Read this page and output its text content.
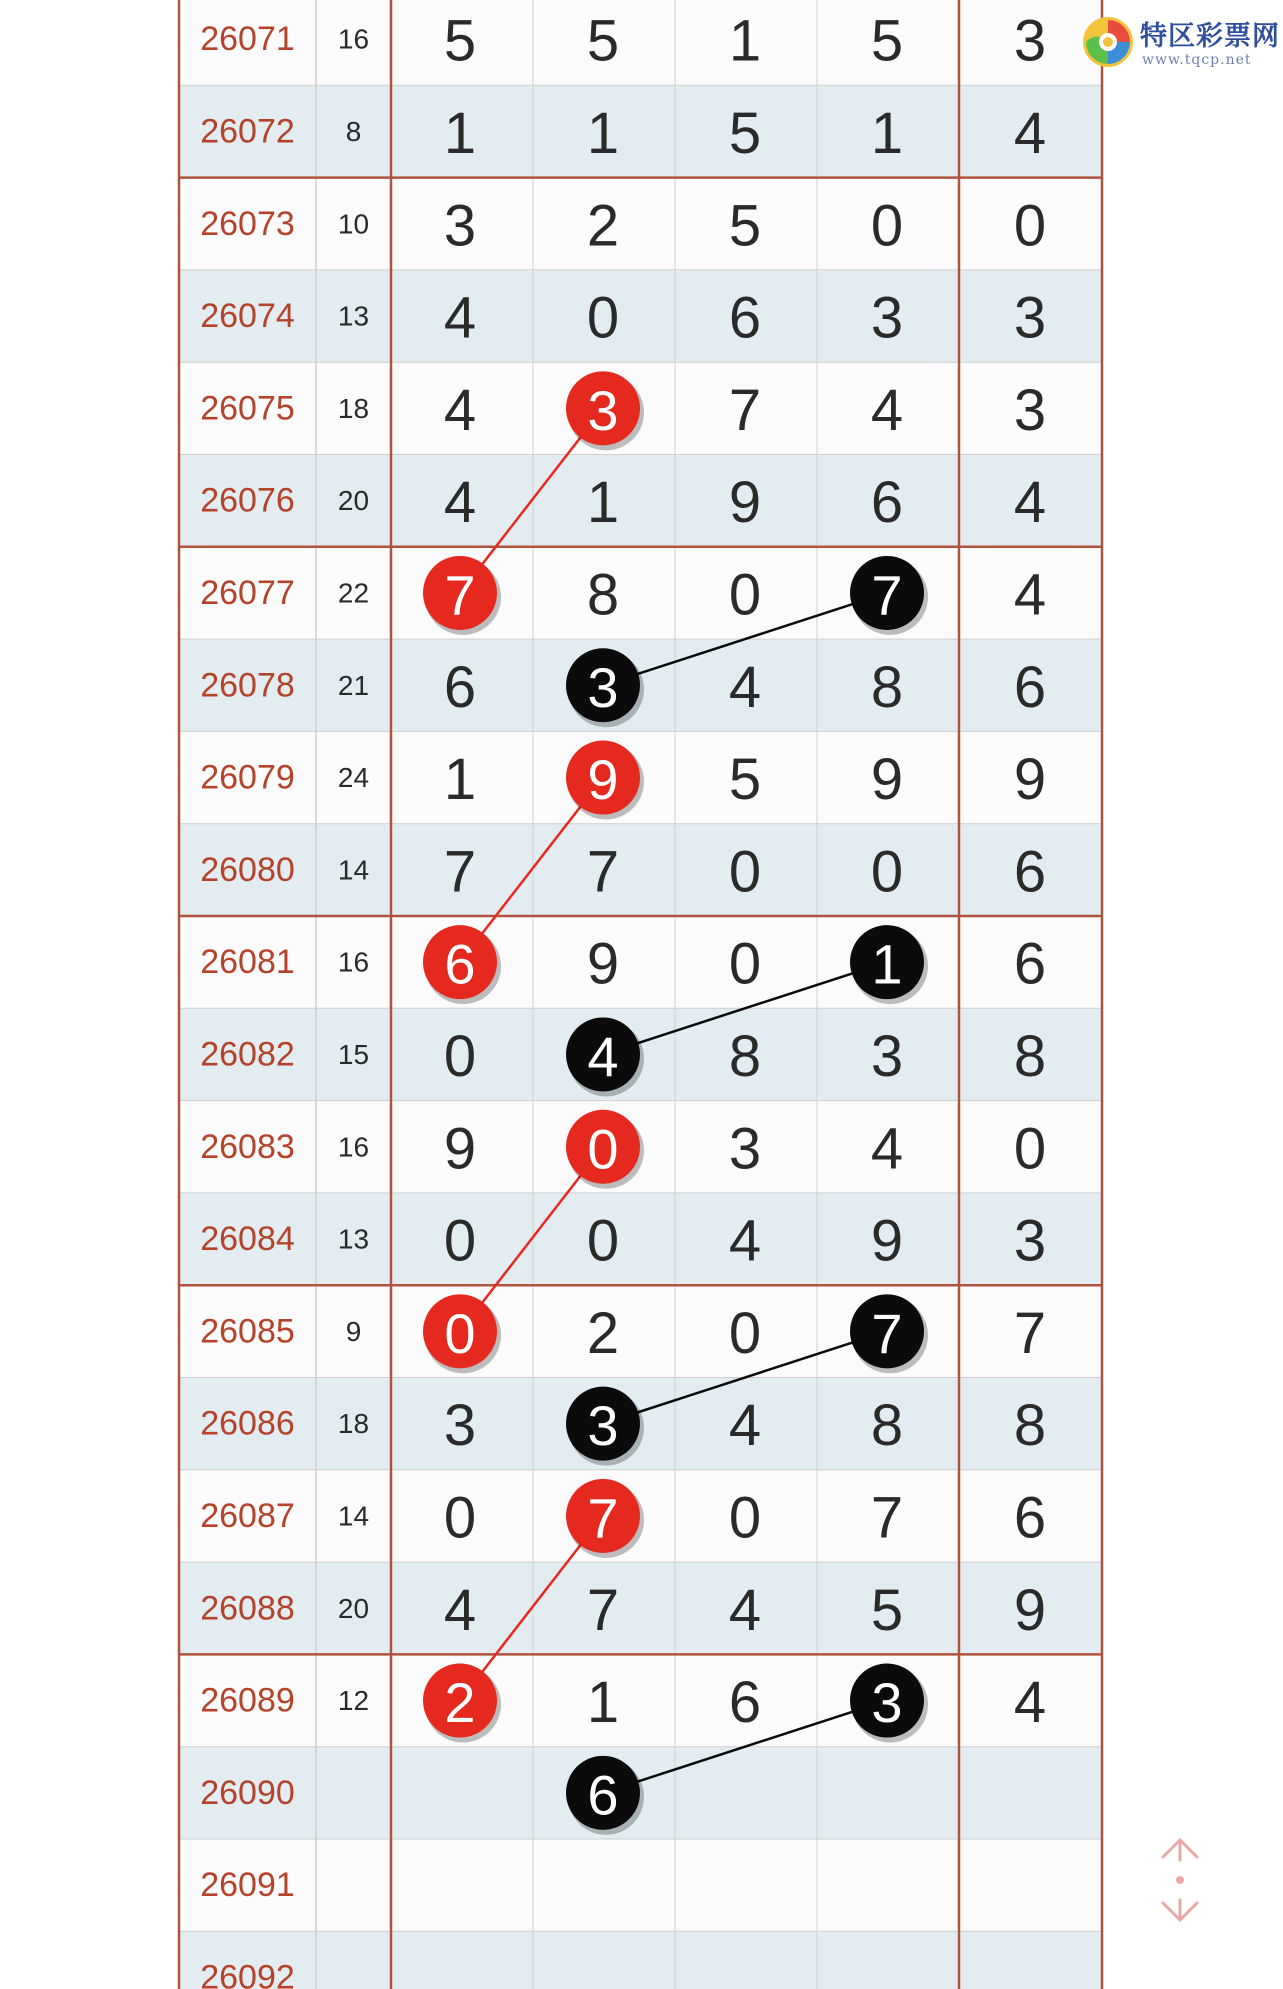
26071 16 5 5 1 5 3
26072 8 1 1 5 1 4
26073 10 3 2 5 0 0
26074 13 4 0 6 3 3
26075 18 4 3 7 4 3
26076 20 4 1 9 6 4
26077 22 7 8 0 7 4
26078 21 6 3 4 8 6
26079 24 1 9 5 9 9
26080 14 7 7 0 0 6
26081 16 6 9 0 1 6
26082 15 0 4 8 3 8
26083 16 9 0 3 4 0
26084 13 0 0 4 9 3
26085 9 0 2 0 7 7
26086 18 3 3 4 8 8
26087 14 0 7 0 7 6
26088 20 4 7 4 5 9
26089 12 2 1 6 3 4
26090	6
26091
26092
特区彩票网
www.tqcp.net
